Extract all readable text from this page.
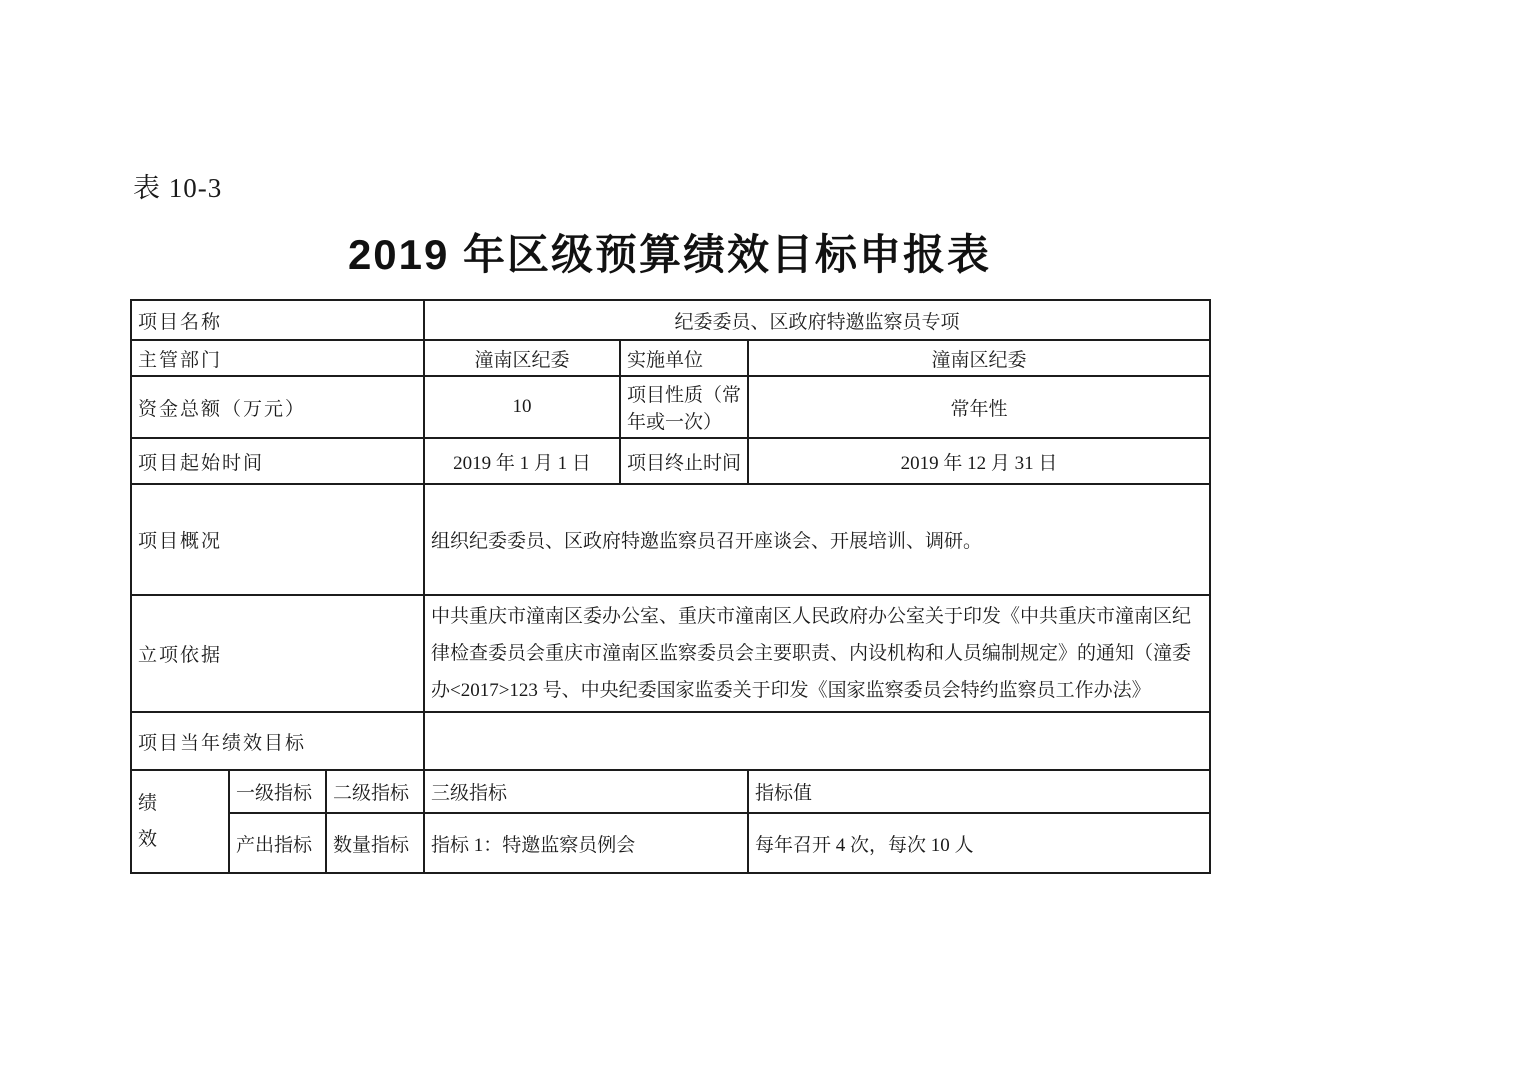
表 10-3
2019 年区级预算绩效目标申报表
项目名称			纪委委员、区政府特邀监察员专项		
主管部门			潼南区纪委	实施单位	潼南区纪委
资金总额（万元）			10	项目性质（常年或一次）	常年性
项目起始时间			2019 年 1 月 1 日	项目终止时间	2019 年 12 月 31 日
项目概况			组织纪委委员、区政府特邀监察员召开座谈会、开展培训、调研。		
立项依据			中共重庆市潼南区委办公室、重庆市潼南区人民政府办公室关于印发《中共重庆市潼南区纪律检查委员会重庆市潼南区监察委员会主要职责、内设机构和人员编制规定》的通知（潼委办<2017>123 号、中央纪委国家监委关于印发《国家监察委员会特约监察员工作办法》		
项目当年绩效目标					
绩效	一级指标	二级指标	三级指标		指标值
	产出指标	数量指标	指标 1：特邀监察员例会		每年召开 4 次，每次 10 人
